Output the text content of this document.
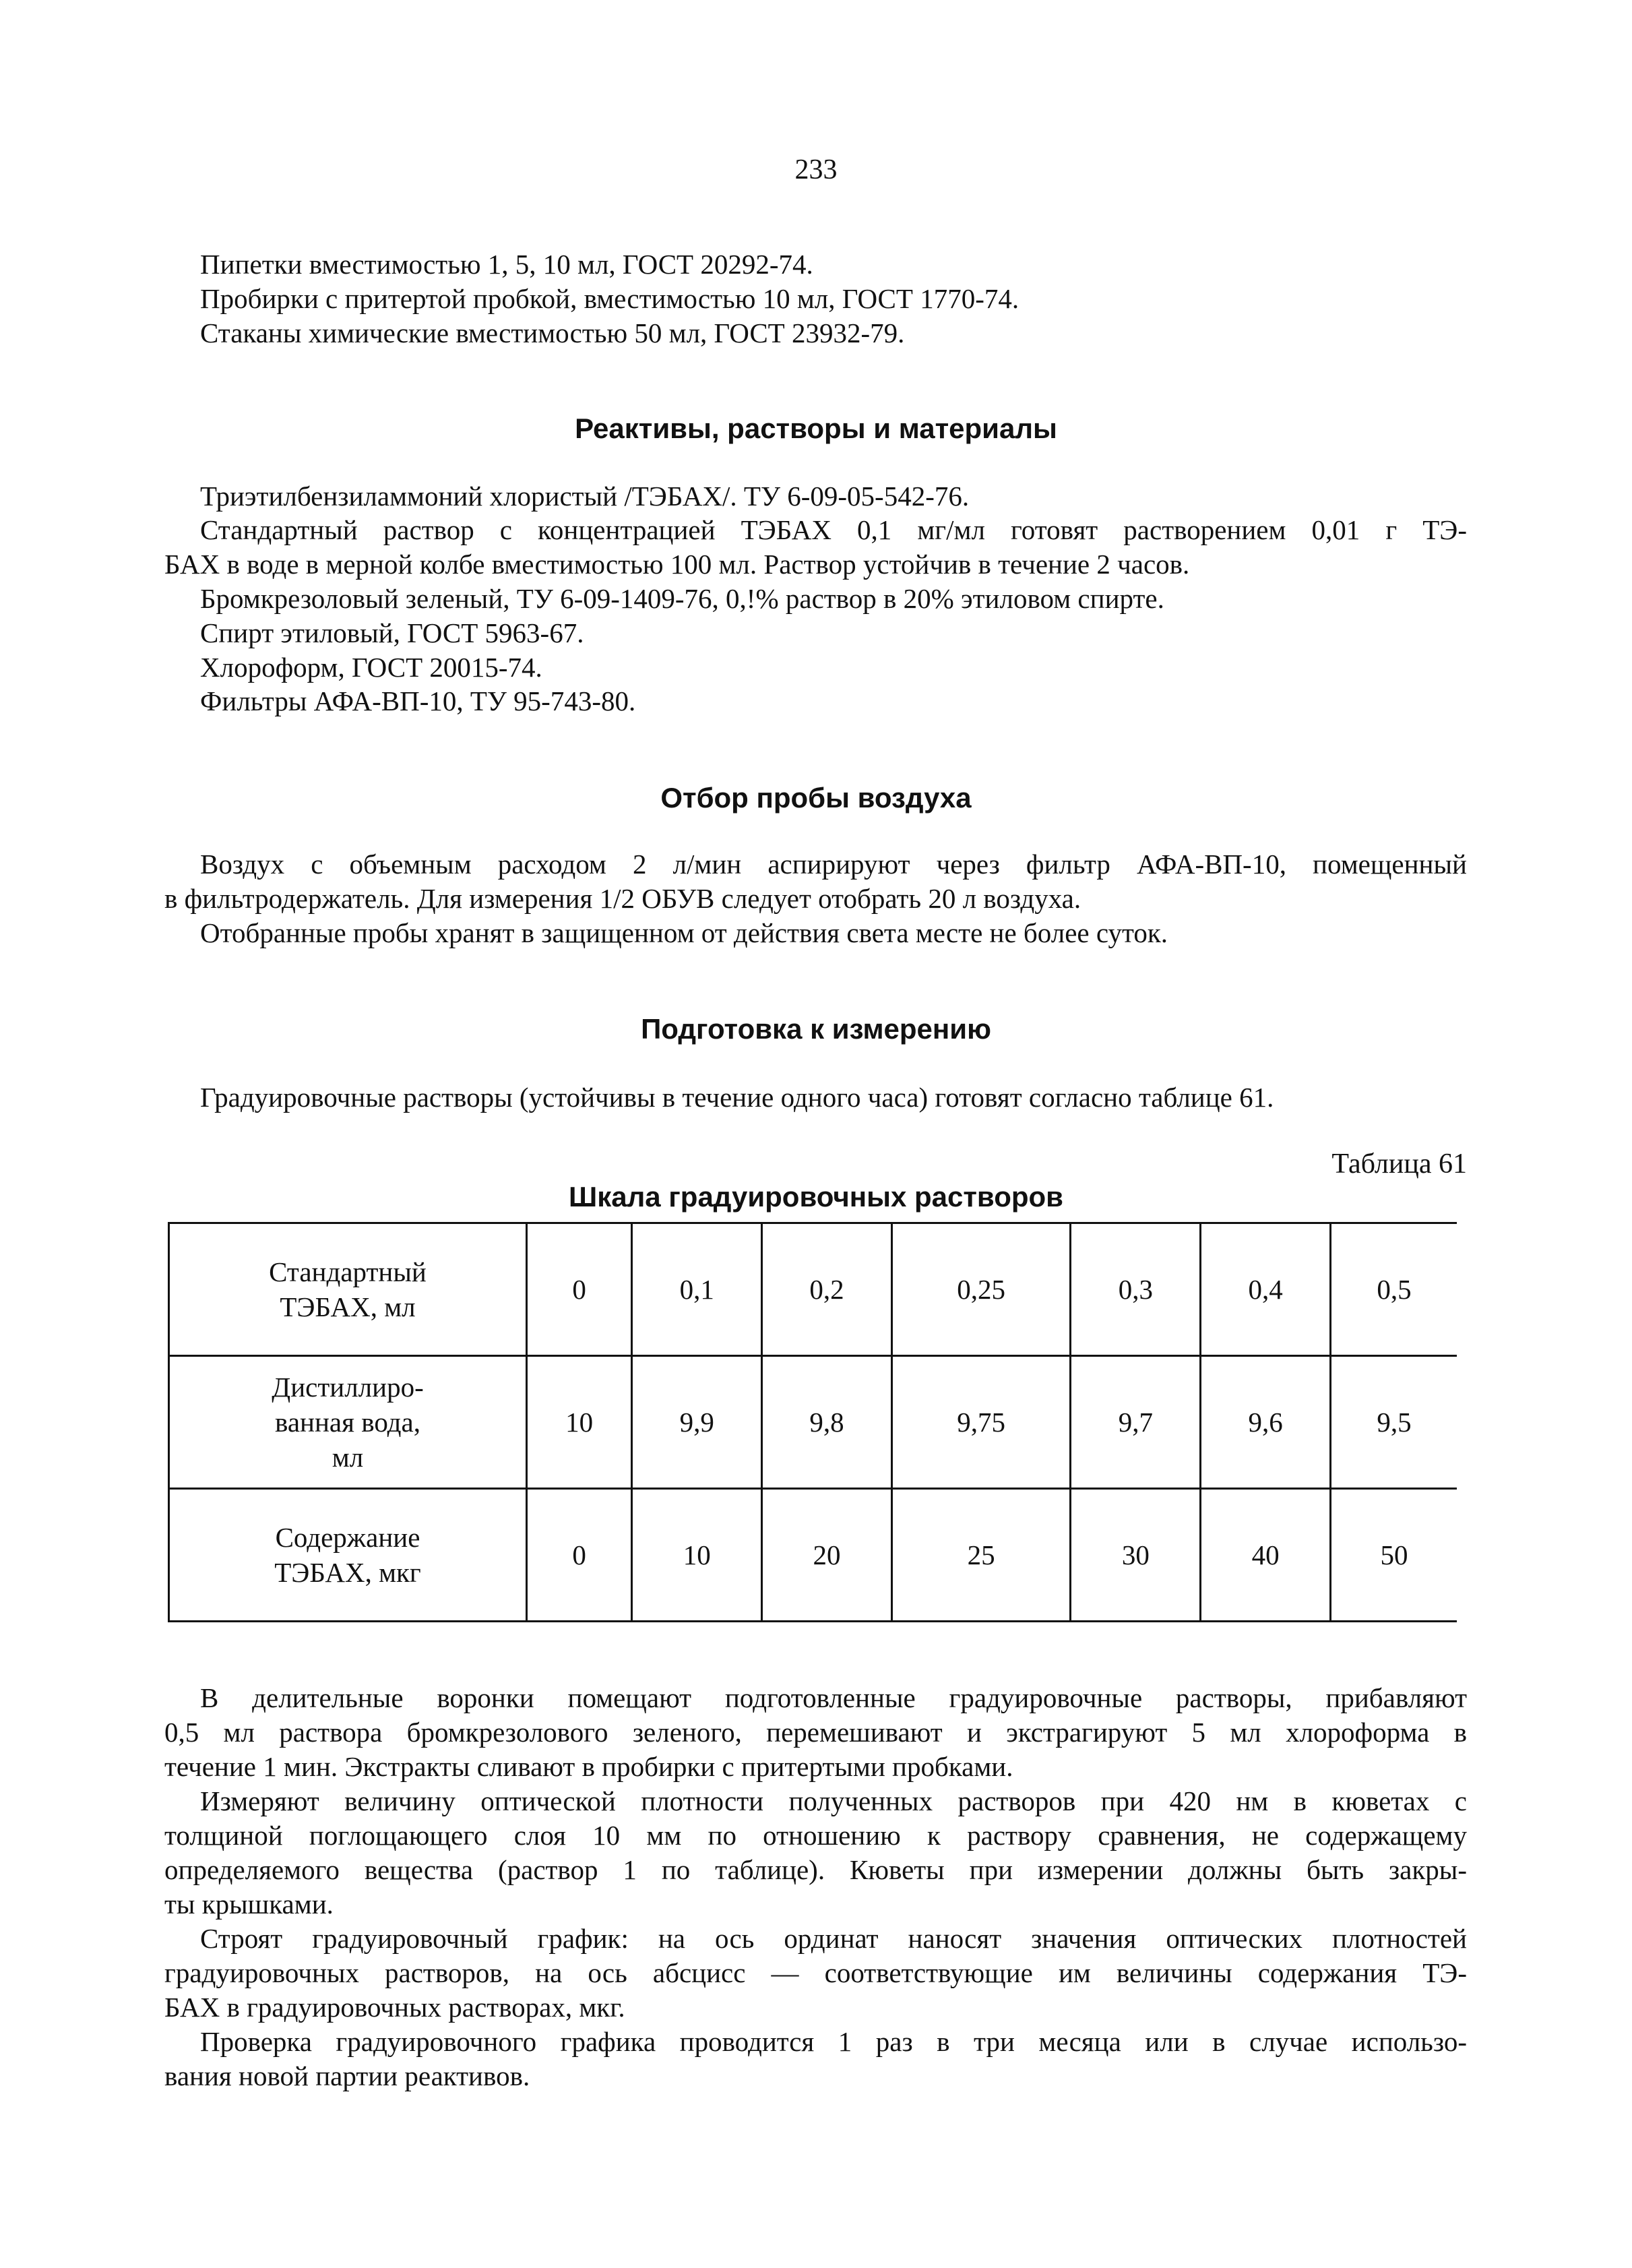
233
Пипетки вместимостью 1, 5, 10 мл, ГОСТ 20292-74.
Пробирки с притертой пробкой, вместимостью 10 мл, ГОСТ 1770-74.
Стаканы химические вместимостью 50 мл, ГОСТ 23932-79.
Реактивы, растворы и материалы
Триэтилбензиламмоний хлористый /ТЭБАХ/. ТУ 6-09-05-542-76.
Стандартный раствор с концентрацией ТЭБАХ 0,1 мг/мл готовят растворением 0,01 г ТЭ-
БАХ в воде в мерной колбе вместимостью 100 мл. Раствор устойчив в течение 2 часов.
Бромкрезоловый зеленый, ТУ 6-09-1409-76, 0,!% раствор в 20% этиловом спирте.
Спирт этиловый, ГОСТ 5963-67.
Хлороформ, ГОСТ 20015-74.
Фильтры АФА-ВП-10, ТУ 95-743-80.
Отбор пробы воздуха
Воздух с объемным расходом 2 л/мин аспирируют через фильтр АФА-ВП-10, помещенный
в фильтродержатель. Для измерения 1/2 ОБУВ следует отобрать 20 л воздуха.
Отобранные пробы хранят в защищенном от действия света месте не более суток.
Подготовка к измерению
Градуировочные растворы (устойчивы в течение одного часа) готовят согласно таблице 61.
Таблица 61
Шкала градуировочных растворов
Стандартный
ТЭБАХ, мл	0	0,1	0,2	0,25	0,3	0,4	0,5

Дистиллиро-
ванная вода,
мл	10	9,9	9,8	9,75	9,7	9,6	9,5

Содержание
ТЭБАХ, мкг	0	10	20	25	30	40	50
В делительные воронки помещают подготовленные градуировочные растворы, прибавляют
0,5 мл раствора бромкрезолового зеленого, перемешивают и экстрагируют 5 мл хлороформа в
течение 1 мин. Экстракты сливают в пробирки с притертыми пробками.
Измеряют величину оптической плотности полученных растворов при 420 нм в кюветах с
толщиной поглощающего слоя 10 мм по отношению к раствору сравнения, не содержащему
определяемого вещества (раствор 1 по таблице). Кюветы при измерении должны быть закры-
ты крышками.
Строят градуировочный график: на ось ординат наносят значения оптических плотностей
градуировочных растворов, на ось абсцисс — соответствующие им величины содержания ТЭ-
БАХ в градуировочных растворах, мкг.
Проверка градуировочного графика проводится 1 раз в три месяца или в случае использо-
вания новой партии реактивов.
